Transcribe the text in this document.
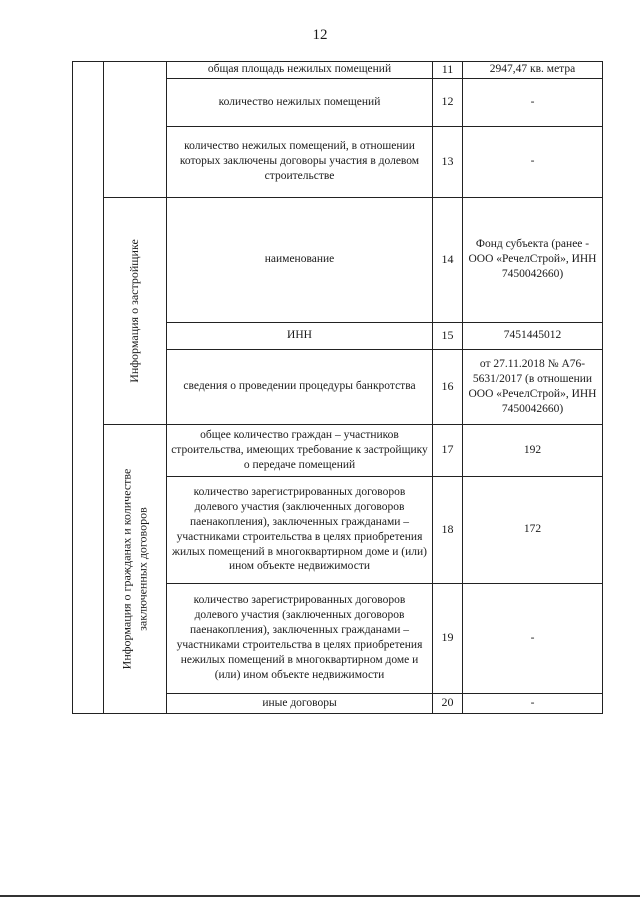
12
		общая площадь нежилых помещений	11	2947,47 кв. метра
		количество нежилых помещений	12	-
		количество нежилых помещений, в отношении которых заключены договоры участия в долевом строительстве	13	-

	Информация о застройщике	наименование	14	Фонд субъекта (ранее - ООО «РечелСтрой», ИНН 7450042660)
		ИНН	15	7451445012
		сведения о проведении процедуры банкротства	16	от 27.11.2018 № А76-5631/2017 (в отношении ООО «РечелСтрой», ИНН 7450042660)

	Информация о гражданах и количестве заключенных договоров	общее количество граждан – участников строительства, имеющих требование к застройщику о передаче помещений	17	192
		количество зарегистрированных договоров долевого участия (заключенных договоров паенакопления), заключенных гражданами – участниками строительства в целях приобретения жилых помещений в многоквартирном доме и (или) ином объекте недвижимости	18	172
		количество зарегистрированных договоров долевого участия (заключенных договоров паенакопления), заключенных гражданами – участниками строительства в целях приобретения нежилых помещений в многоквартирном доме и (или) ином объекте недвижимости	19	-
		иные договоры	20	-
